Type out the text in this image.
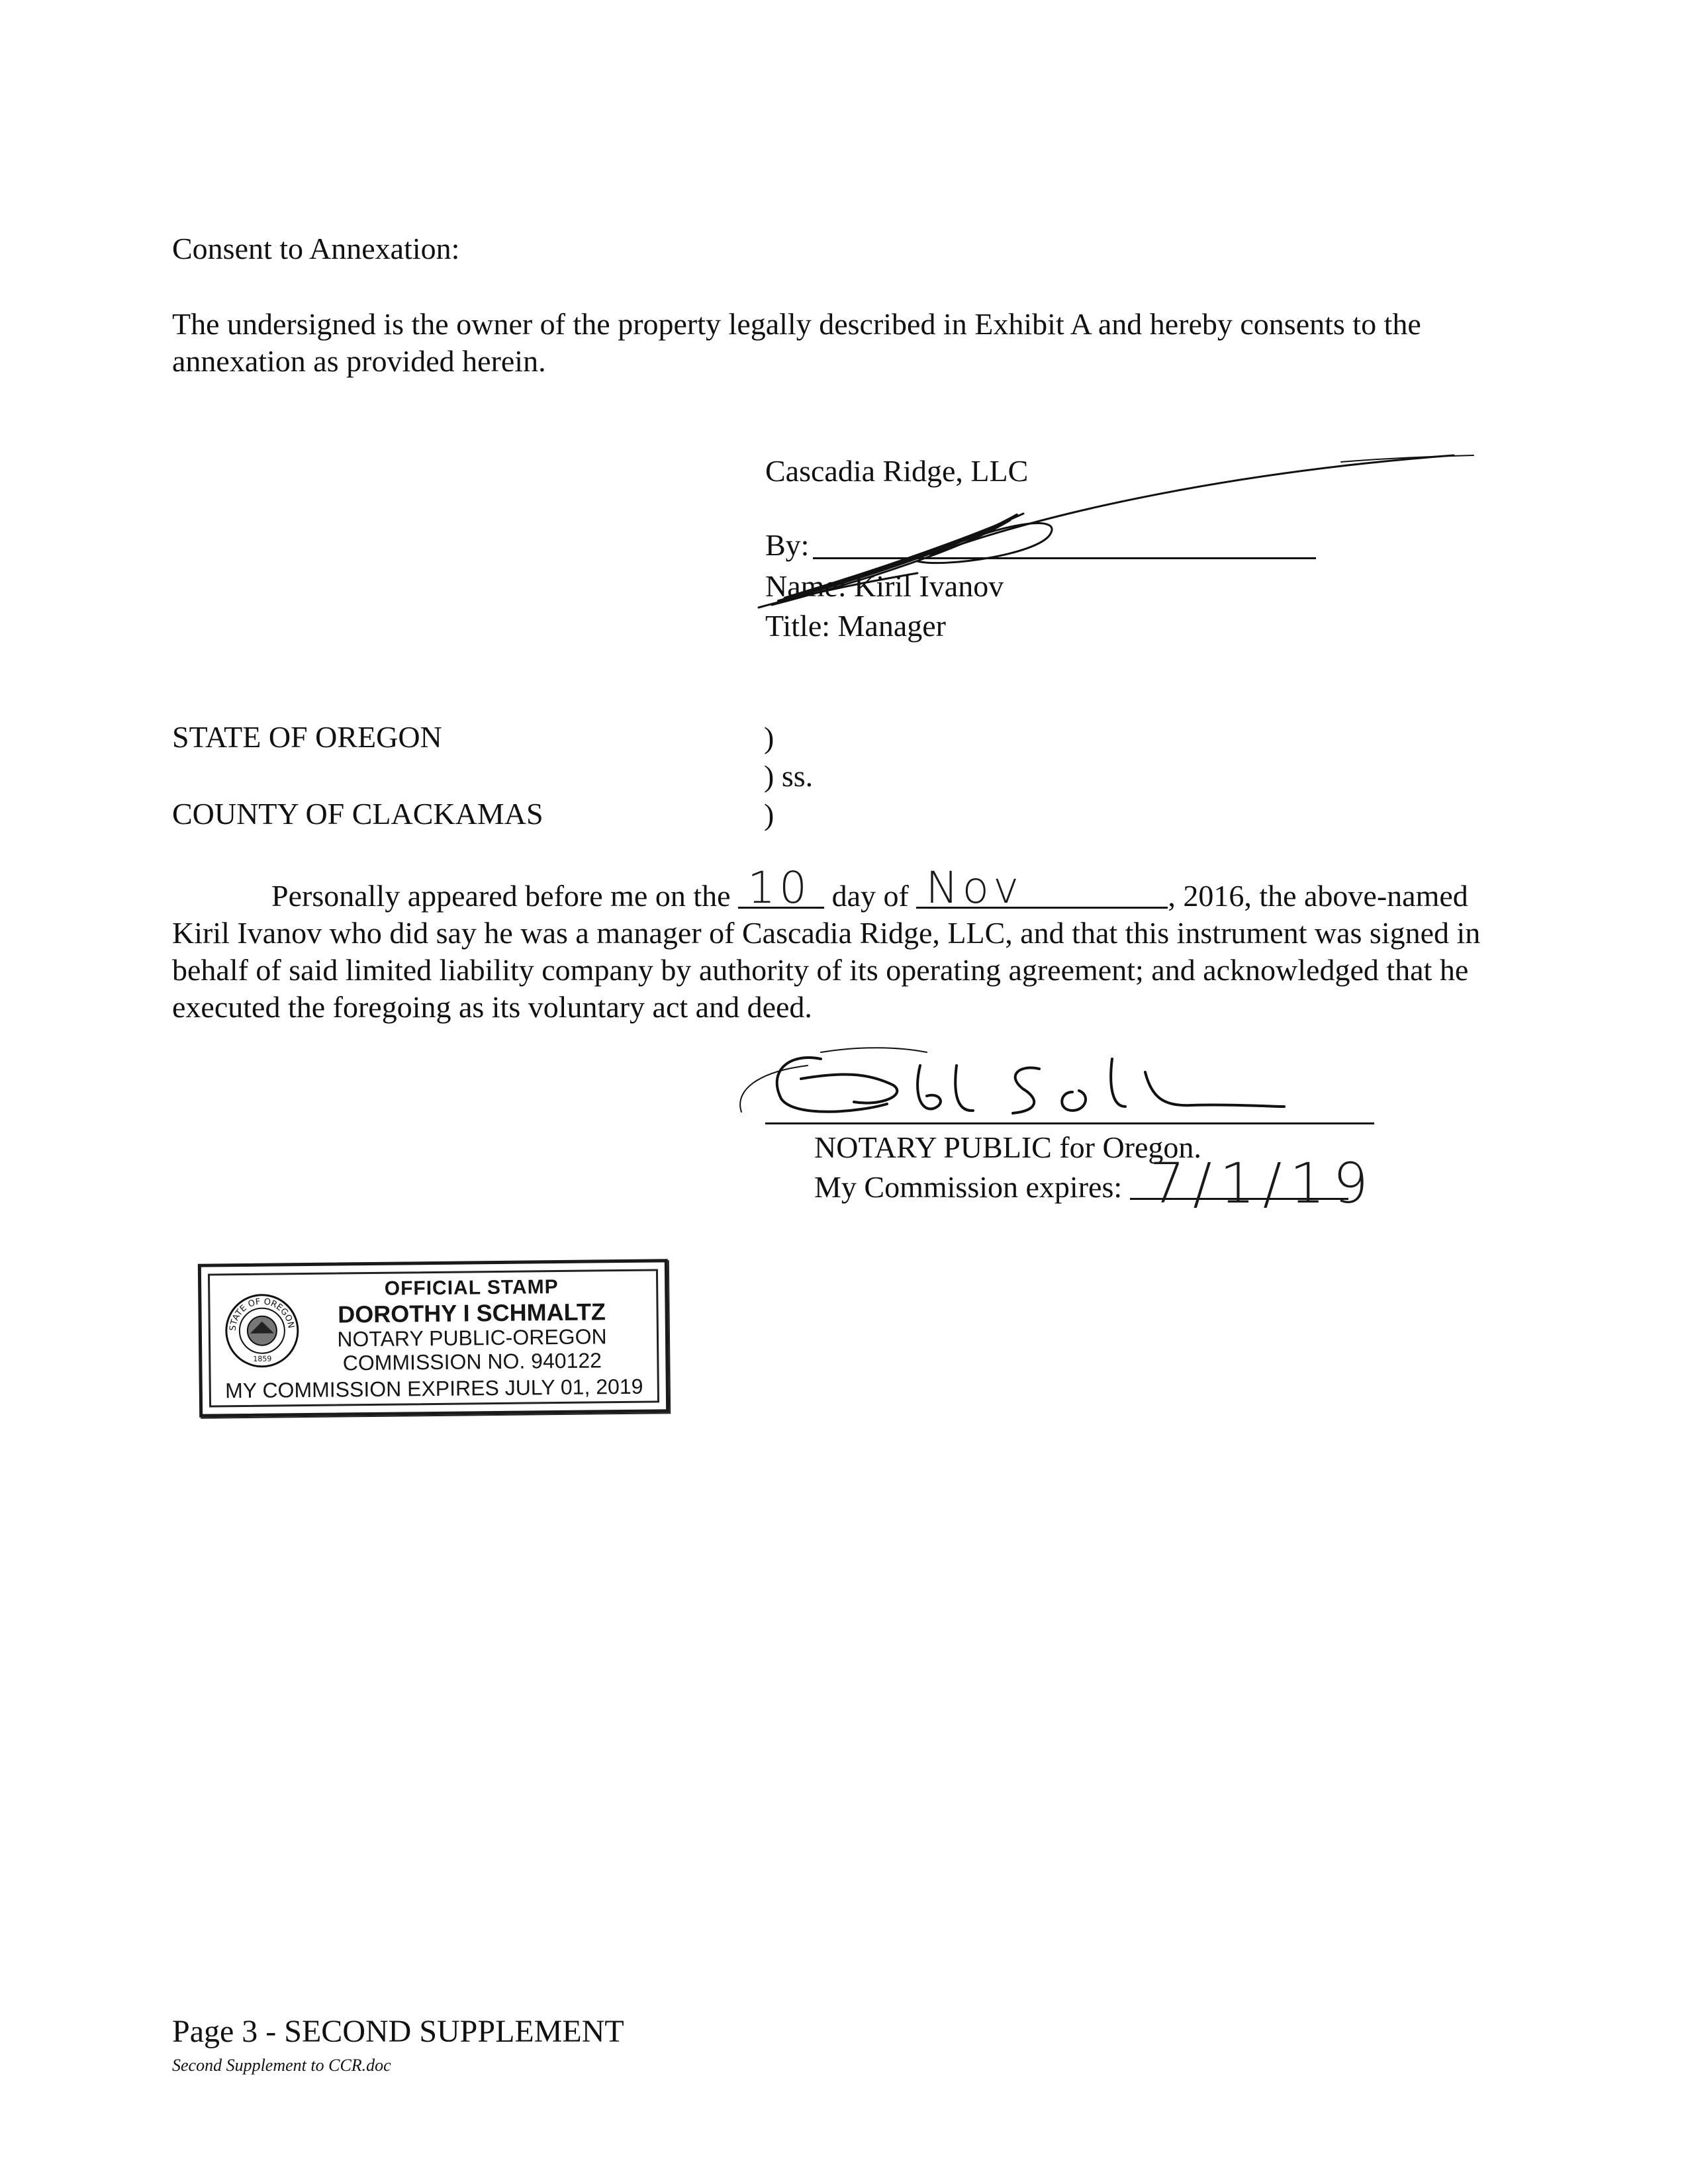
Consent to Annexation:
The undersigned is the owner of the property legally described in Exhibit A and hereby consents to the annexation as provided herein.
Cascadia Ridge, LLC
By:
Name: Kiril Ivanov
Title: Manager
STATE OF OREGON
COUNTY OF CLACKAMAS
)
) ss.
)
Personally appeared before me on the 10 day of Nov	, 2016, the above-named Kiril Ivanov who did say he was a manager of Cascadia Ridge, LLC, and that this instrument was signed in behalf of said limited liability company by authority of its operating agreement; and acknowledged that he executed the foregoing as its voluntary act and deed.
NOTARY PUBLIC for Oregon.
My Commission expires: 7/1/19
STATE OF OREGON
1859
OFFICIAL STAMP
DOROTHY I SCHMALTZ
NOTARY PUBLIC-OREGON
COMMISSION NO. 940122
MY COMMISSION EXPIRES JULY 01, 2019
Page 3 - SECOND SUPPLEMENT
Second Supplement to CCR.doc
